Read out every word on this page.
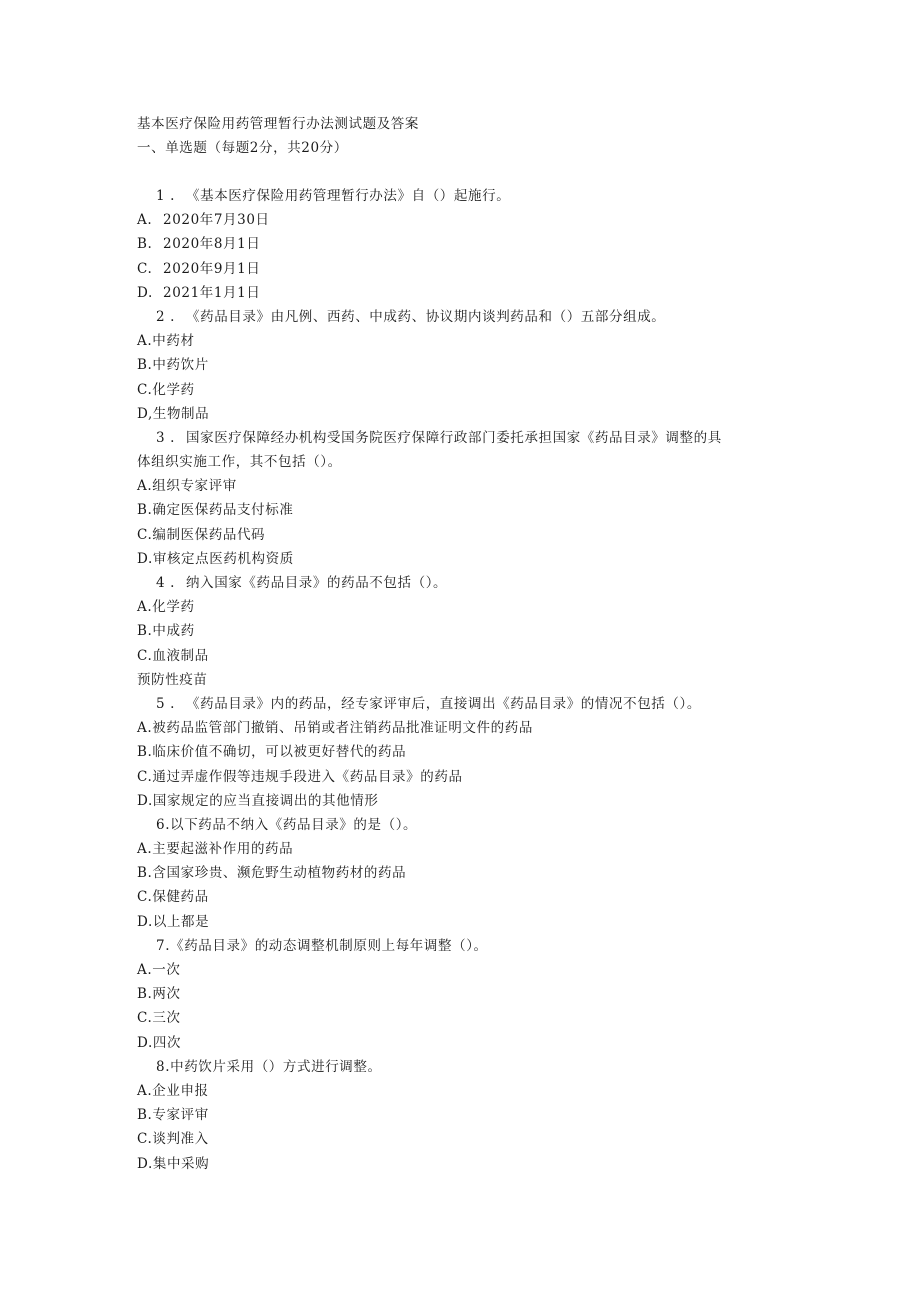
基本医疗保险用药管理暂行办法测试题及答案
一、单选题（每题2分，共20分）
1 . 《基本医疗保险用药管理暂行办法》自（）起施行。
A. 2020年7月30日
B. 2020年8月1日
C. 2020年9月1日
D. 2021年1月1日
2 . 《药品目录》由凡例、西药、中成药、协议期内谈判药品和（）五部分组成。
A.中药材
B.中药饮片
C.化学药
D,生物制品
3 . 国家医疗保障经办机构受国务院医疗保障行政部门委托承担国家《药品目录》调整的具
体组织实施工作，其不包括（）。
A.组织专家评审
B.确定医保药品支付标准
C.编制医保药品代码
D.审核定点医药机构资质
4 . 纳入国家《药品目录》的药品不包括（）。
A.化学药
B.中成药
C.血液制品
预防性疫苗
5 . 《药品目录》内的药品，经专家评审后，直接调出《药品目录》的情况不包括（）。
A.被药品监管部门撤销、吊销或者注销药品批准证明文件的药品
B.临床价值不确切，可以被更好替代的药品
C.通过弄虚作假等违规手段进入《药品目录》的药品
D.国家规定的应当直接调出的其他情形
6.以下药品不纳入《药品目录》的是（）。
A.主要起滋补作用的药品
B.含国家珍贵、濒危野生动植物药材的药品
C.保健药品
D.以上都是
7.《药品目录》的动态调整机制原则上每年调整（）。
A.一次
B.两次
C.三次
D.四次
8.中药饮片采用（）方式进行调整。
A.企业申报
B.专家评审
C.谈判准入
D.集中采购
